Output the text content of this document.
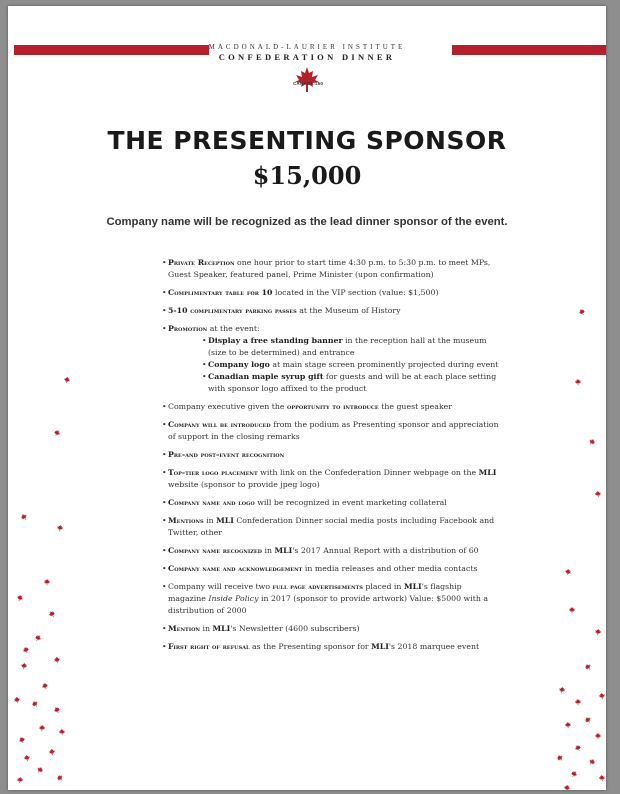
MACDONALD-LAURIER INSTITUTE
CONFEDERATION DINNER
CANADA 150
THE PRESENTING SPONSOR
$15,000
Company name will be recognized as the lead dinner sponsor of the event.
• Private Reception one hour prior to start time 4:30 p.m. to 5:30 p.m. to meet MPs, Guest Speaker, featured panel, Prime Minister (upon confirmation)
• Complimentary table for 10 located in the VIP section (value: $1,500)
• 5-10 complimentary parking passes at the Museum of History
• Promotion at the event:
• Display a free standing banner in the reception hall at the museum (size to be determined) and entrance
• Company logo at main stage screen prominently projected during event
• Canadian maple syrup gift for guests and will be at each place setting with sponsor logo affixed to the product
• Company executive given the opportunity to introduce the guest speaker
• Company will be introduced from the podium as Presenting sponsor and appreciation of support in the closing remarks
• Pre-and post-event recognition
• Top-tier logo placement with link on the Confederation Dinner webpage on the MLI website (sponsor to provide jpeg logo)
• Company name and logo will be recognized in event marketing collateral
• Mentions in MLI Confederation Dinner social media posts including Facebook and Twitter, other
• Company name recognized in MLI's 2017 Annual Report with a distribution of 60
• Company name and acknowledgement in media releases and other media contacts
• Company will receive two full page advertisements placed in MLI's flagship magazine Inside Policy in 2017 (sponsor to provide artwork) Value: $5000 with a distribution of 2000
• Mention in MLI's Newsletter (4600 subscribers)
• First right of refusal as the Presenting sponsor for MLI's 2018 marquee event
